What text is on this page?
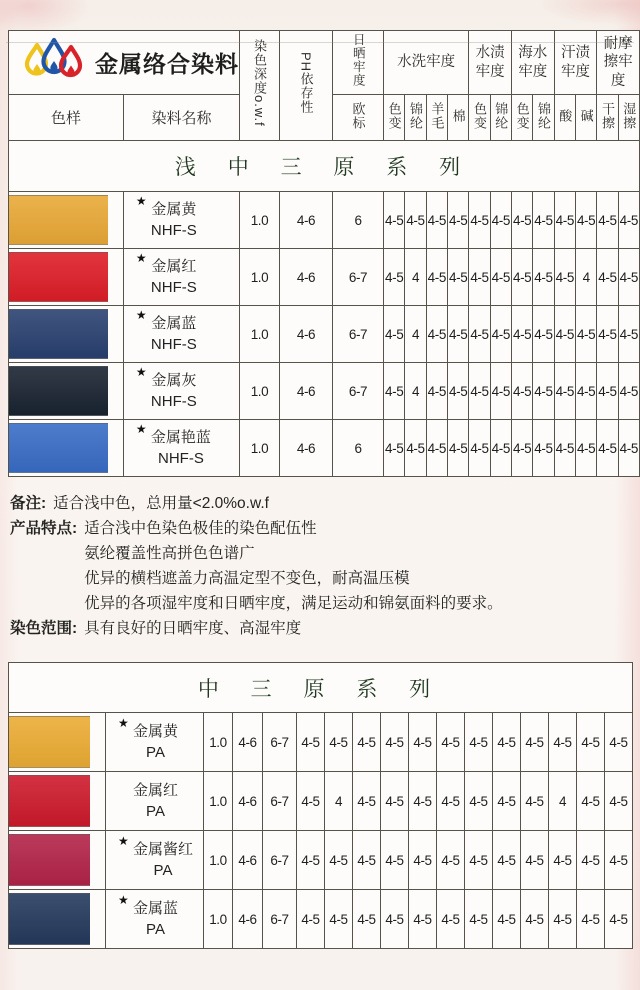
金属络合染料		染色深度o.w.f	PH依存性	日晒牢度	水洗牢度				水渍牢度		海水牢度		汗渍牢度		耐摩擦牢度	
色样	染料名称			欧标	色变	锦纶	羊毛	棉	色变	锦纶	色变	锦纶	酸	碱	干擦	湿擦
浅 中 三 原 系 列																

	★ 金属黄
NHF-S	1.0	4-6	6	4-5	4-5	4-5	4-5	4-5	4-5	4-5	4-5	4-5	4-5	4-5	4-5

	★ 金属红
NHF-S	1.0	4-6	6-7	4-5	4	4-5	4-5	4-5	4-5	4-5	4-5	4-5	4	4-5	4-5

	★ 金属蓝
NHF-S	1.0	4-6	6-7	4-5	4	4-5	4-5	4-5	4-5	4-5	4-5	4-5	4-5	4-5	4-5

	★ 金属灰
NHF-S	1.0	4-6	6-7	4-5	4	4-5	4-5	4-5	4-5	4-5	4-5	4-5	4-5	4-5	4-5

	★ 金属艳蓝
NHF-S	1.0	4-6	6	4-5	4-5	4-5	4-5	4-5	4-5	4-5	4-5	4-5	4-5	4-5	4-5
备注: 适合浅中色，总用量<2.0%o.w.f
产品特点: 适合浅中色染色极佳的染色配伍性
氨纶覆盖性高拼色色谱广
优异的横档遮盖力高温定型不变色，耐高温压模
优异的各项湿牢度和日晒牢度，满足运动和锦氨面料的要求。
染色范围: 具有良好的日晒牢度、高湿牢度
中 三 原 系 列																

	★ 金属黄
PA	1.0	4-6	6-7	4-5	4-5	4-5	4-5	4-5	4-5	4-5	4-5	4-5	4-5	4-5	4-5

	金属红
PA	1.0	4-6	6-7	4-5	4	4-5	4-5	4-5	4-5	4-5	4-5	4-5	4	4-5	4-5

	★ 金属酱红
PA	1.0	4-6	6-7	4-5	4-5	4-5	4-5	4-5	4-5	4-5	4-5	4-5	4-5	4-5	4-5

	★ 金属蓝
PA	1.0	4-6	6-7	4-5	4-5	4-5	4-5	4-5	4-5	4-5	4-5	4-5	4-5	4-5	4-5
